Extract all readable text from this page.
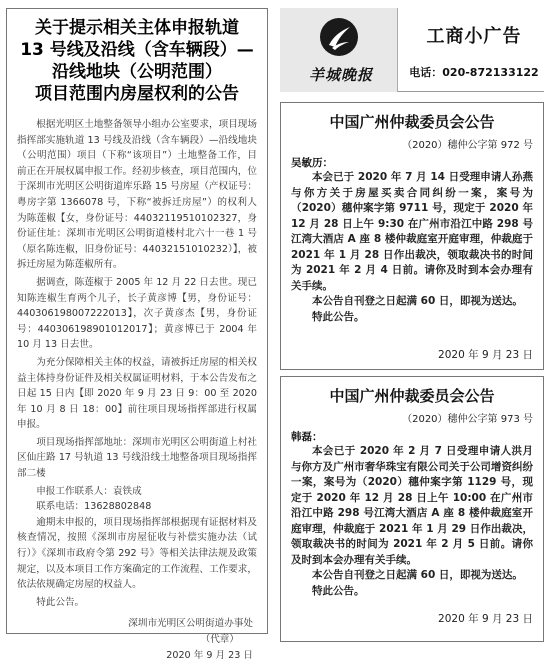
关于提示相关主体申报轨道
13 号线及沿线（含车辆段）—
沿线地块（公明范围）
项目范围内房屋权利的公告

根据光明区土地整备领导小组办公室要求，项目现场指挥部实施轨道 13 号线及沿线（含车辆段）—沿线地块（公明范围）项目（下称“该项目”）土地整备工作，目前正在开展权属申报工作。经初步核查，项目范围内，位于深圳市光明区公明街道库乐路 15 号房屋（产权证号：粤房字第 1366078 号，下称“被拆迁房屋”）的权利人为陈莲椒【女，身份证号：44032119510102327，身份证住址：深圳市光明区公明街道楼村北六十一巷 1 号（原名陈连椒，旧身份证号：44032151010232）】，被拆迁房屋为陈莲椒所有。

据调查，陈莲椒于 2005 年 12 月 22 日去世。现已知陈连椒生育两个儿子，长子黄彦博【男，身份证号：440306198007222013】，次子黄彦杰【男，身份证号：440306198901012017】；黄彦博已于 2004 年 10 月 13 日去世。

为充分保障相关主体的权益，请被拆迁房屋的相关权益主体持身份证件及相关权属证明材料，于本公告发布之日起 15 日内【即 2020 年 9 月 23 日 9：00 至 2020 年 10 月 8 日 18：00】前往项目现场指挥部进行权属申报。

项目现场指挥部地址：深圳市光明区公明街道上村社区仙庄路 17 号轨道 13 号线沿线土地整备项目现场指挥部二楼

申报工作联系人：袁铁成

联系电话：13628802848

逾期未申报的，项目现场指挥部根据现有证据材料及核查情况，按照《深圳市房屋征收与补偿实施办法（试行）》《深圳市政府令第 292 号》等相关法律法规及政策规定，以及本项目工作方案确定的工作流程、工作要求，依法依规确定房屋的权益人。

特此公告。

深圳市光明区公明街道办事处
（代章）
2020 年 9 月 23 日
羊城晚报
工商小广告
电话：020-872133122
中国广州仲裁委员会公告
（2020）穗仲公字第 972 号
吴敏历：

本会已于 2020 年 7 月 14 日受理申请人孙燕与你方关于房屋买卖合同纠纷一案，案号为（2020）穗仲案字第 9711 号，现定于 2020 年 12 月 28 日上午 9:30 在广州市沿江中路 298 号江湾大酒店 A 座 8 楼仲裁庭室开庭审理，仲裁庭于 2021 年 1 月 28 日作出裁决，领取裁决书的时间为 2021 年 2 月 4 日前。请你及时到本会办理有关手续。

本公告自刊登之日起满 60 日，即视为送达。

特此公告。

2020 年 9 月 23 日
中国广州仲裁委员会公告
（2020）穗仲公字第 973 号
韩磊：

本会已于 2020 年 2 月 7 日受理申请人洪月与你方及广州市奢华珠宝有限公司关于公司增资纠纷一案，案号为（2020）穗仲案字第 1129 号，现定于 2020 年 12 月 28 日上午 10:00 在广州市沿江中路 298 号江湾大酒店 A 座 8 楼仲裁庭室开庭审理，仲裁庭于 2021 年 1 月 29 日作出裁决，领取裁决书的时间为 2021 年 2 月 5 日前。请你及时到本会办理有关手续。

本公告自刊登之日起满 60 日，即视为送达。

特此公告。

2020 年 9 月 23 日
